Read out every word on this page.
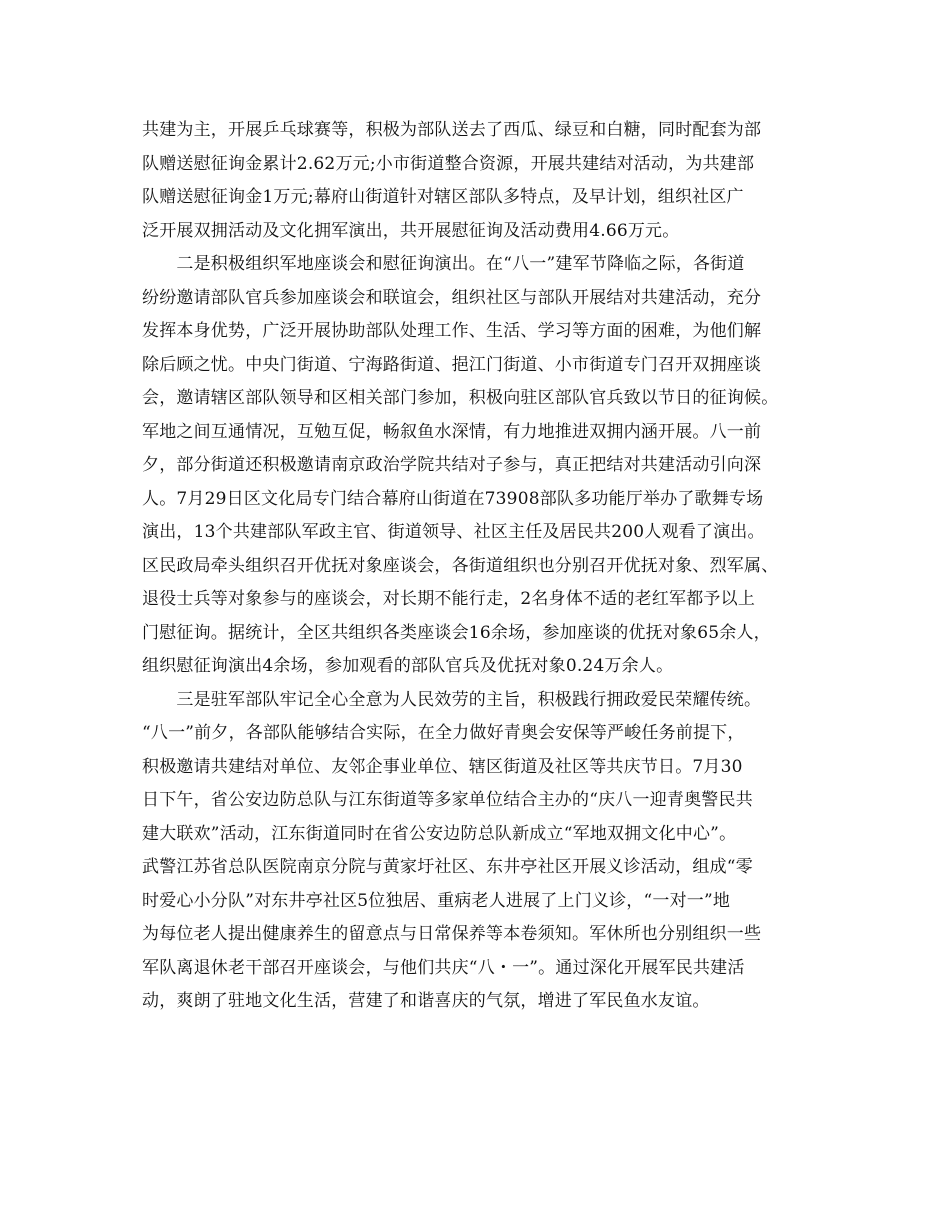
共建为主，开展乒乓球赛等，积极为部队送去了西瓜、绿豆和白糖，同时配套为部
队赠送慰征询金累计2.62万元;小市街道整合资源，开展共建结对活动，为共建部
队赠送慰征询金1万元;幕府山街道针对辖区部队多特点，及早计划，组织社区广
泛开展双拥活动及文化拥军演出，共开展慰征询及活动费用4.66万元。
　　二是积极组织军地座谈会和慰征询演出。在“八一”建军节降临之际，各街道
纷纷邀请部队官兵参加座谈会和联谊会，组织社区与部队开展结对共建活动，充分
发挥本身优势，广泛开展协助部队处理工作、生活、学习等方面的困难，为他们解
除后顾之忧。中央门街道、宁海路街道、挹江门街道、小市街道专门召开双拥座谈
会，邀请辖区部队领导和区相关部门参加，积极向驻区部队官兵致以节日的征询候。
军地之间互通情况，互勉互促，畅叙鱼水深情，有力地推进双拥内涵开展。八一前
夕，部分街道还积极邀请南京政治学院共结对子参与，真正把结对共建活动引向深
人。7月29日区文化局专门结合幕府山街道在73908部队多功能厅举办了歌舞专场
演出，13个共建部队军政主官、街道领导、社区主任及居民共200人观看了演出。
区民政局牵头组织召开优抚对象座谈会，各街道组织也分别召开优抚对象、烈军属、
退役士兵等对象参与的座谈会，对长期不能行走，2名身体不适的老红军都予以上
门慰征询。据统计，全区共组织各类座谈会16余场，参加座谈的优抚对象65余人，
组织慰征询演出4余场，参加观看的部队官兵及优抚对象0.24万余人。
　　三是驻军部队牢记全心全意为人民效劳的主旨，积极践行拥政爱民荣耀传统。
“八一”前夕，各部队能够结合实际，在全力做好青奥会安保等严峻任务前提下，
积极邀请共建结对单位、友邻企事业单位、辖区街道及社区等共庆节日。7月30
日下午，省公安边防总队与江东街道等多家单位结合主办的“庆八一迎青奥警民共
建大联欢”活动，江东街道同时在省公安边防总队新成立“军地双拥文化中心”。
武警江苏省总队医院南京分院与黄家圩社区、东井亭社区开展义诊活动，组成“零
时爱心小分队”对东井亭社区5位独居、重病老人进展了上门义诊，“一对一”地
为每位老人提出健康养生的留意点与日常保养等本卷须知。军休所也分别组织一些
军队离退休老干部召开座谈会，与他们共庆“八・一”。通过深化开展军民共建活
动，爽朗了驻地文化生活，营建了和谐喜庆的气氛，增进了军民鱼水友谊。
